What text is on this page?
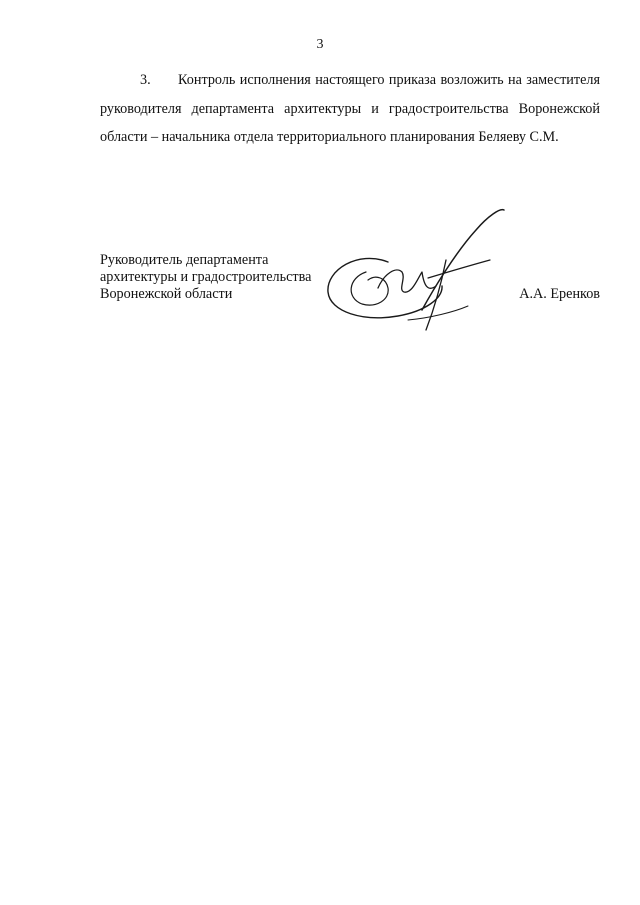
3

3. Контроль исполнения настоящего приказа возложить на заместителя руководителя департамента архитектуры и градостроительства Воронежской области – начальника отдела территориального планирования Беляеву С.М.

Руководитель департамента
архитектуры и градостроительства
Воронежской области	А.А. Еренков
